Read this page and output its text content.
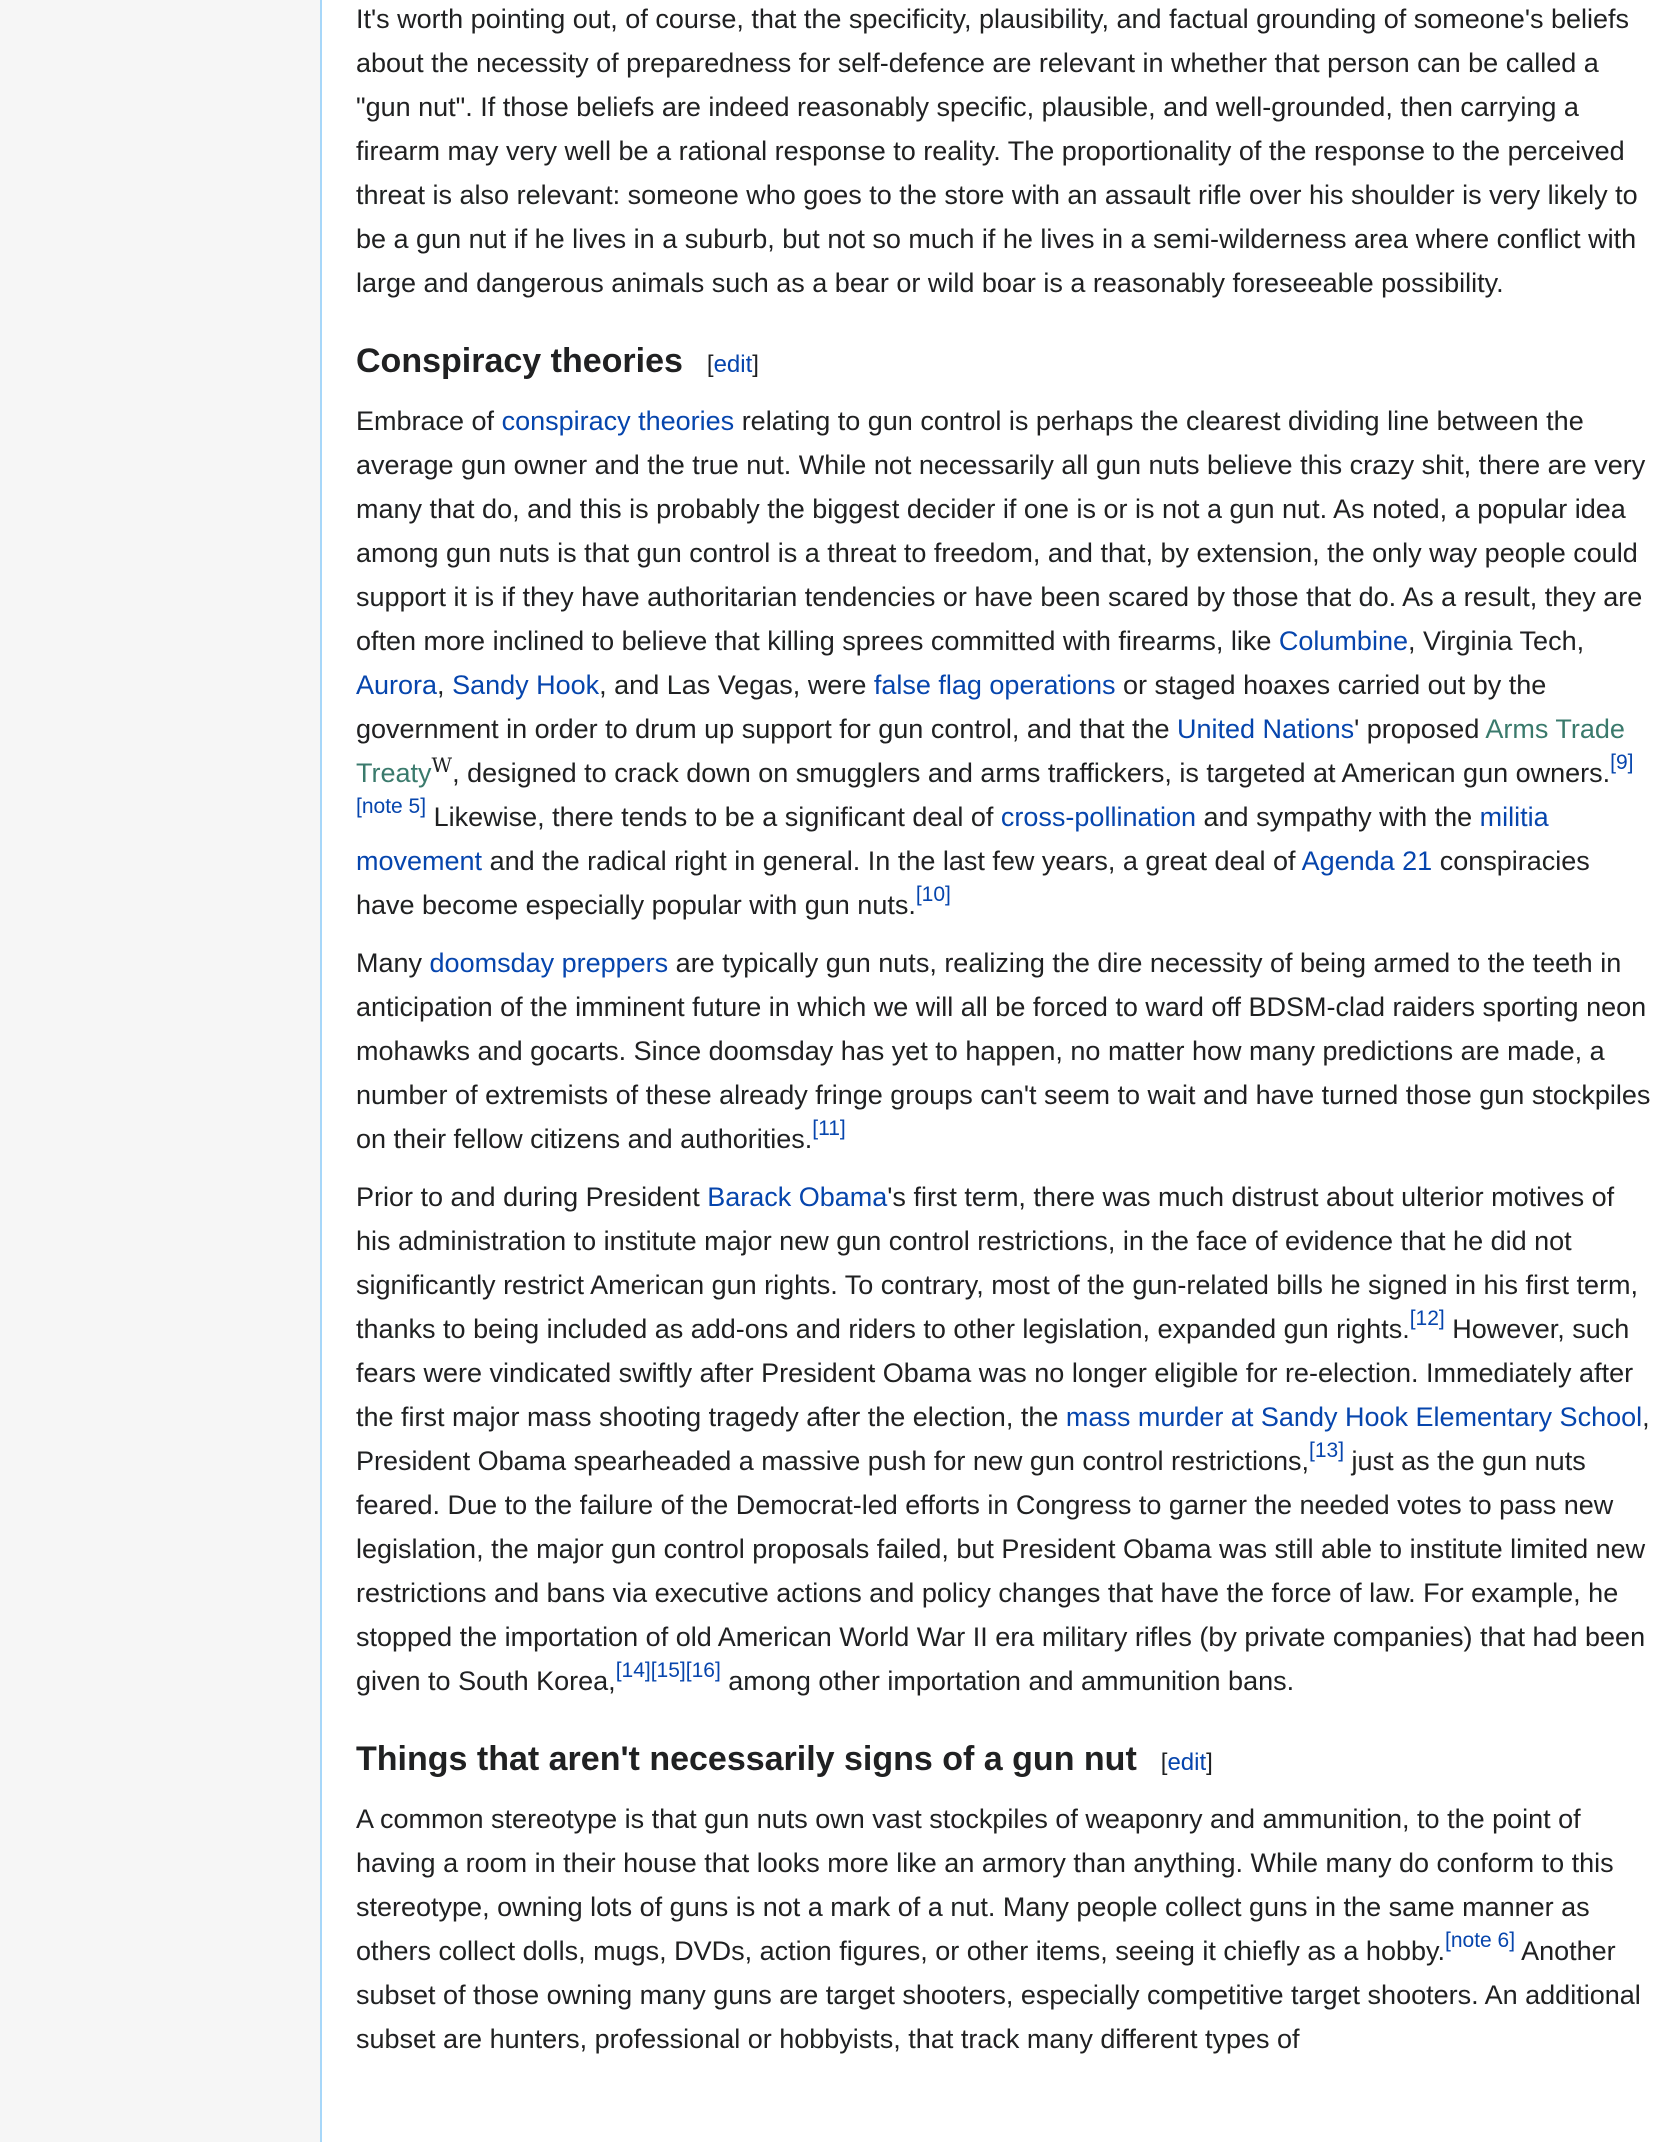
It's worth pointing out, of course, that the specificity, plausibility, and factual grounding of someone's beliefs about the necessity of preparedness for self-defence are relevant in whether that person can be called a "gun nut". If those beliefs are indeed reasonably specific, plausible, and well-grounded, then carrying a firearm may very well be a rational response to reality. The proportionality of the response to the perceived threat is also relevant: someone who goes to the store with an assault rifle over his shoulder is very likely to be a gun nut if he lives in a suburb, but not so much if he lives in a semi-wilderness area where conflict with large and dangerous animals such as a bear or wild boar is a reasonably foreseeable possibility.

Conspiracy theories [edit]

Embrace of conspiracy theories relating to gun control is perhaps the clearest dividing line between the average gun owner and the true nut. While not necessarily all gun nuts believe this crazy shit, there are very many that do, and this is probably the biggest decider if one is or is not a gun nut. As noted, a popular idea among gun nuts is that gun control is a threat to freedom, and that, by extension, the only way people could support it is if they have authoritarian tendencies or have been scared by those that do. As a result, they are often more inclined to believe that killing sprees committed with firearms, like Columbine, Virginia Tech, Aurora, Sandy Hook, and Las Vegas, were false flag operations or staged hoaxes carried out by the government in order to drum up support for gun control, and that the United Nations' proposed Arms Trade Treaty$^W$, designed to crack down on smugglers and arms traffickers, is targeted at American gun owners.[9][note 5] Likewise, there tends to be a significant deal of cross-pollination and sympathy with the militia movement and the radical right in general. In the last few years, a great deal of Agenda 21 conspiracies have become especially popular with gun nuts.[10]

Many doomsday preppers are typically gun nuts, realizing the dire necessity of being armed to the teeth in anticipation of the imminent future in which we will all be forced to ward off BDSM-clad raiders sporting neon mohawks and gocarts. Since doomsday has yet to happen, no matter how many predictions are made, a number of extremists of these already fringe groups can't seem to wait and have turned those gun stockpiles on their fellow citizens and authorities.[11]

Prior to and during President Barack Obama's first term, there was much distrust about ulterior motives of his administration to institute major new gun control restrictions, in the face of evidence that he did not significantly restrict American gun rights. To contrary, most of the gun-related bills he signed in his first term, thanks to being included as add-ons and riders to other legislation, expanded gun rights.[12] However, such fears were vindicated swiftly after President Obama was no longer eligible for re-election. Immediately after the first major mass shooting tragedy after the election, the mass murder at Sandy Hook Elementary School, President Obama spearheaded a massive push for new gun control restrictions,[13] just as the gun nuts feared. Due to the failure of the Democrat-led efforts in Congress to garner the needed votes to pass new legislation, the major gun control proposals failed, but President Obama was still able to institute limited new restrictions and bans via executive actions and policy changes that have the force of law. For example, he stopped the importation of old American World War II era military rifles (by private companies) that had been given to South Korea,[14][15][16] among other importation and ammunition bans.

Things that aren't necessarily signs of a gun nut [edit]

A common stereotype is that gun nuts own vast stockpiles of weaponry and ammunition, to the point of having a room in their house that looks more like an armory than anything. While many do conform to this stereotype, owning lots of guns is not a mark of a nut. Many people collect guns in the same manner as others collect dolls, mugs, DVDs, action figures, or other items, seeing it chiefly as a hobby.[note 6] Another subset of those owning many guns are target shooters, especially competitive target shooters. An additional subset are hunters, professional or hobbyists, that track many different types of
